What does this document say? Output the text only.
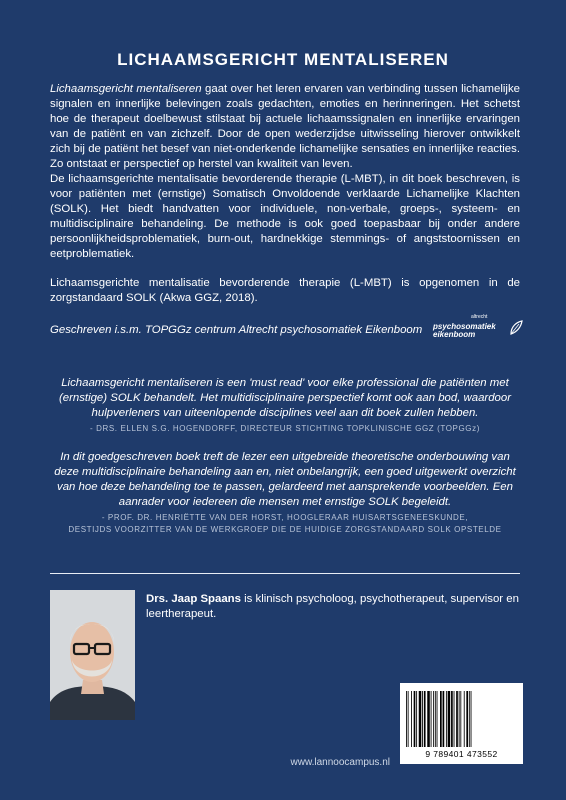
LICHAAMSGERICHT MENTALISEREN

Lichaamsgericht mentaliseren gaat over het leren ervaren van verbinding tussen lichamelijke signalen en innerlijke belevingen zoals gedachten, emoties en herinneringen. Het schetst hoe de therapeut doelbewust stilstaat bij actuele lichaamssignalen en innerlijke ervaringen van de patiënt en van zichzelf. Door de open wederzijdse uitwisseling hierover ontwikkelt zich bij de patiënt het besef van niet-onderkende lichamelijke sensaties en innerlijke reacties. Zo ontstaat er perspectief op herstel van kwaliteit van leven.

De lichaamsgerichte mentalisatie bevorderende therapie (L-MBT), in dit boek beschreven, is voor patiënten met (ernstige) Somatisch Onvoldoende verklaarde Lichamelijke Klachten (SOLK). Het biedt handvatten voor individuele, non-verbale, groeps-, systeem- en multidisciplinaire behandeling. De methode is ook goed toepasbaar bij onder andere persoonlijkheidsproblematiek, burn-out, hardnekkige stemmings- of angststoornissen en eetproblematiek.

Lichaamsgerichte mentalisatie bevorderende therapie (L-MBT) is opgenomen in de zorgstandaard SOLK (Akwa GGZ, 2018).

Geschreven i.s.m. TOPGGz centrum Altrecht psychosomatiek Eikenboom
altrecht
psychosomatiek
eikenboom
Lichaamsgericht mentaliseren is een 'must read' voor elke professional die patiënten met (ernstige) SOLK behandelt. Het multidisciplinaire perspectief komt ook aan bod, waardoor hulpverleners van uiteenlopende disciplines veel aan dit boek zullen hebben.
- DRS. ELLEN S.G. HOGENDORFF, DIRECTEUR STICHTING TOPKLINISCHE GGZ (TOPGGz)
In dit goedgeschreven boek treft de lezer een uitgebreide theoretische onderbouwing van deze multidisciplinaire behandeling aan en, niet onbelangrijk, een goed uitgewerkt overzicht van hoe deze behandeling toe te passen, gelardeerd met aansprekende voorbeelden. Een aanrader voor iedereen die mensen met ernstige SOLK begeleidt.
- PROF. DR. HENRIËTTE VAN DER HORST, HOOGLERAAR HUISARTSGENEESKUNDE,
DESTIJDS VOORZITTER VAN DE WERKGROEP DIE DE HUIDIGE ZORGSTANDAARD SOLK OPSTELDE
Drs. Jaap Spaans is klinisch psycholoog, psychotherapeut, supervisor en leertherapeut.
9 789401 473552
www.lannoocampus.nl
